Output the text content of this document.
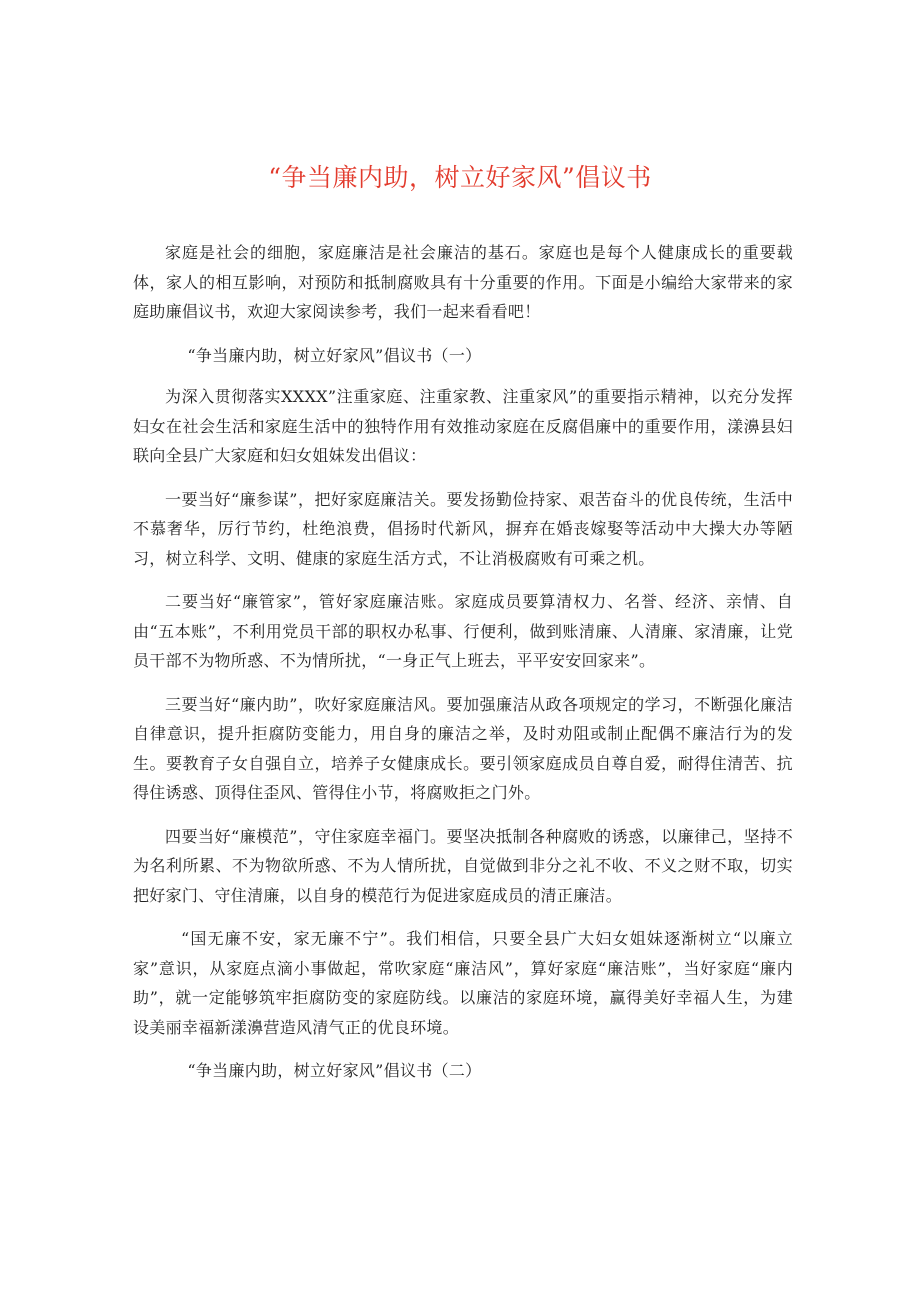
“争当廉内助，树立好家风”倡议书

家庭是社会的细胞，家庭廉洁是社会廉洁的基石。家庭也是每个人健康成长的重要载体，家人的相互影响，对预防和抵制腐败具有十分重要的作用。下面是小编给大家带来的家庭助廉倡议书，欢迎大家阅读参考，我们一起来看看吧！

“争当廉内助，树立好家风”倡议书（一）

为深入贯彻落实XXXX”注重家庭、注重家教、注重家风”的重要指示精神，以充分发挥妇女在社会生活和家庭生活中的独特作用有效推动家庭在反腐倡廉中的重要作用，漾濞县妇联向全县广大家庭和妇女姐妹发出倡议：

一要当好“廉参谋”，把好家庭廉洁关。要发扬勤俭持家、艰苦奋斗的优良传统，生活中不慕奢华，厉行节约，杜绝浪费，倡扬时代新风，摒弃在婚丧嫁娶等活动中大操大办等陋习，树立科学、文明、健康的家庭生活方式，不让消极腐败有可乘之机。

二要当好“廉管家”，管好家庭廉洁账。家庭成员要算清权力、名誉、经济、亲情、自由“五本账”，不利用党员干部的职权办私事、行便利，做到账清廉、人清廉、家清廉，让党员干部不为物所惑、不为情所扰，“一身正气上班去，平平安安回家来”。

三要当好“廉内助”，吹好家庭廉洁风。要加强廉洁从政各项规定的学习，不断强化廉洁自律意识，提升拒腐防变能力，用自身的廉洁之举，及时劝阻或制止配偶不廉洁行为的发生。要教育子女自强自立，培养子女健康成长。要引领家庭成员自尊自爱，耐得住清苦、抗得住诱惑、顶得住歪风、管得住小节，将腐败拒之门外。

四要当好“廉模范”，守住家庭幸福门。要坚决抵制各种腐败的诱惑，以廉律己，坚持不为名利所累、不为物欲所惑、不为人情所扰，自觉做到非分之礼不收、不义之财不取，切实把好家门、守住清廉，以自身的模范行为促进家庭成员的清正廉洁。

“国无廉不安，家无廉不宁”。我们相信，只要全县广大妇女姐妹逐渐树立“以廉立家”意识，从家庭点滴小事做起，常吹家庭“廉洁风”，算好家庭“廉洁账”，当好家庭“廉内助”，就一定能够筑牢拒腐防变的家庭防线。以廉洁的家庭环境，赢得美好幸福人生，为建设美丽幸福新漾濞营造风清气正的优良环境。

“争当廉内助，树立好家风”倡议书（二）
